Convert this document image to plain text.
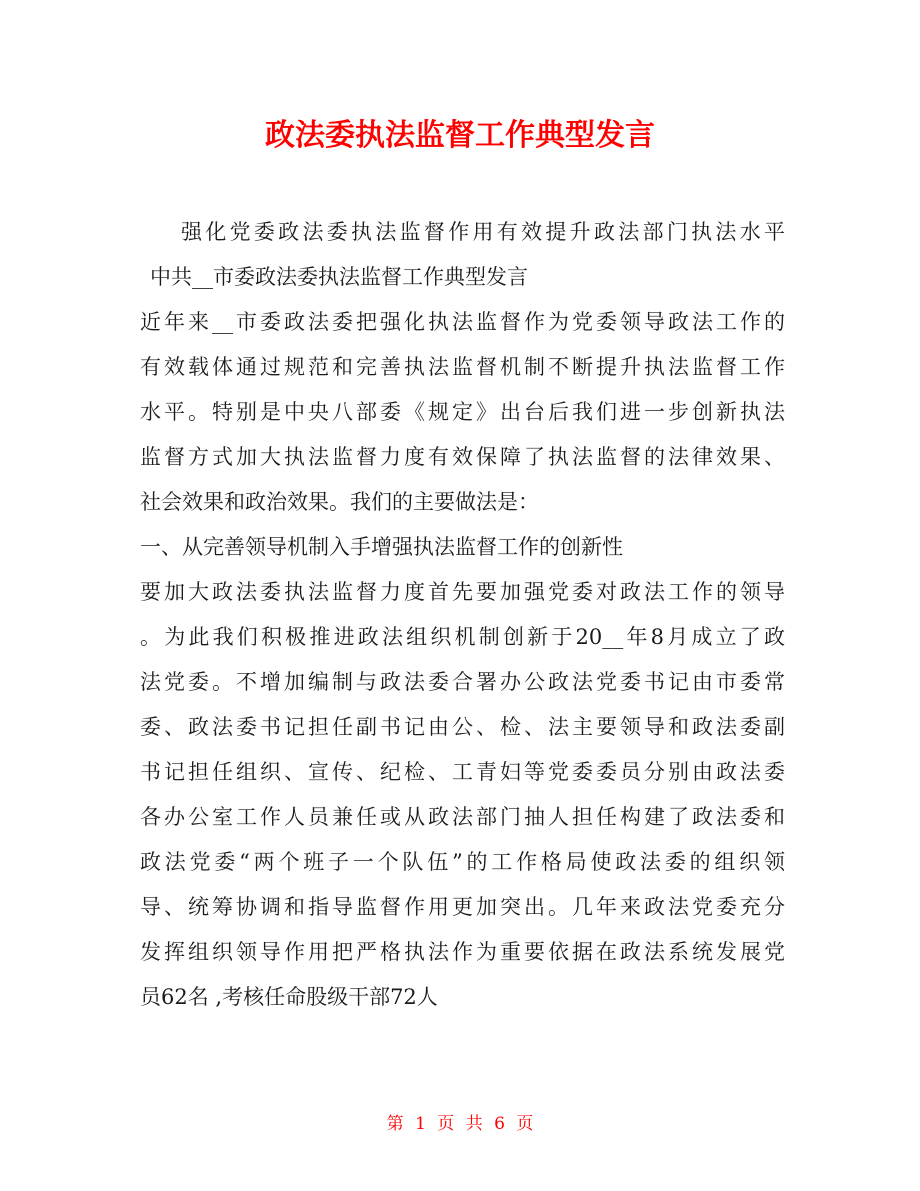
政法委执法监督工作典型发言
强化党委政法委执法监督作用有效提升政法部门执法水平
中共__市委政法委执法监督工作典型发言
近年来__市委政法委把强化执法监督作为党委领导政法工作的
有效载体通过规范和完善执法监督机制不断提升执法监督工作
水平。特别是中央八部委《规定》出台后我们进一步创新执法
监督方式加大执法监督力度有效保障了执法监督的法律效果、
社会效果和政治效果。我们的主要做法是：
一、从完善领导机制入手增强执法监督工作的创新性
要加大政法委执法监督力度首先要加强党委对政法工作的领导
。为此我们积极推进政法组织机制创新于20__年8月成立了政
法党委。不增加编制与政法委合署办公政法党委书记由市委常
委、政法委书记担任副书记由公、检、法主要领导和政法委副
书记担任组织、宣传、纪检、工青妇等党委委员分别由政法委
各办公室工作人员兼任或从政法部门抽人担任构建了政法委和
政法党委“两个班子一个队伍”的工作格局使政法委的组织领
导、统筹协调和指导监督作用更加突出。几年来政法党委充分
发挥组织领导作用把严格执法作为重要依据在政法系统发展党
员62名 ,考核任命股级干部72人
第 1 页 共 6 页
